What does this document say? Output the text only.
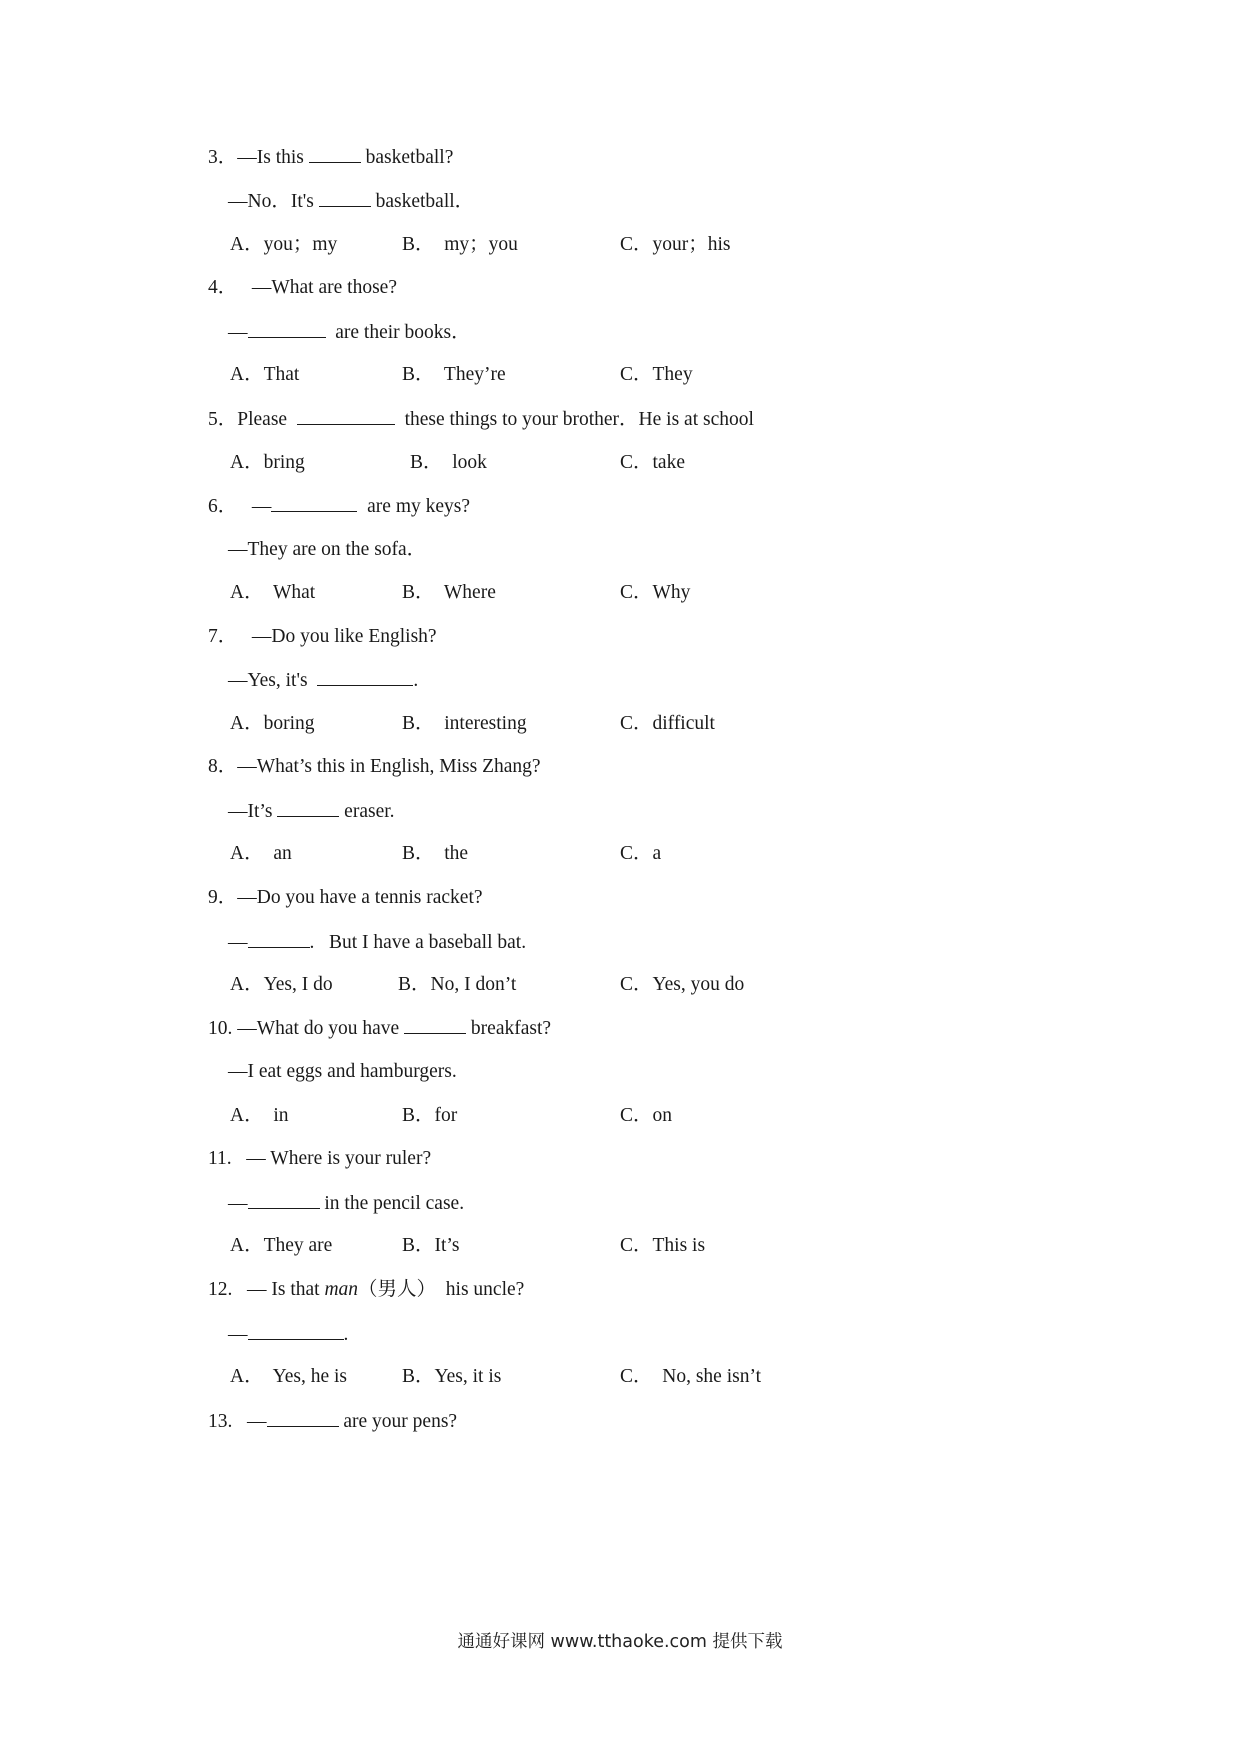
3．—Is this	basketball?
—No．It's	basketball．
A．you；my	B．  my；you	C．your；his
4．   —What are those?
—	are their books．
A．That	B．  They’re	C．They
5．Please	these things to your brother．He is at school
A．bring	B．  look	C．take
6．   —	are my keys?
—They are on the sofa．
A．  What	B．  Where	C．Why
7．   —Do you like English?
—Yes, it's	.
A．boring	B．  interesting	C．difficult
8．—What’s this in English, Miss Zhang?
—It’s	eraser.
A．  an	B．  the	C．a
9．—Do you have a tennis racket?
—	.   But I have a baseball bat.
A．Yes, I do	B．No, I don’t	C．Yes, you do
10. —What do you have	breakfast?
—I eat eggs and hamburgers.
A．  in	B．for	C．on
11.   — Where is your ruler?
—	in the pencil case.
A．They are	B．It’s	C．This is
12.   — Is that man（男人）  his uncle?
—	.
A．  Yes, he is	B．Yes, it is	C．  No, she isn’t
13.   —	are your pens?
通通好课网 www.tthaoke.com 提供下载
